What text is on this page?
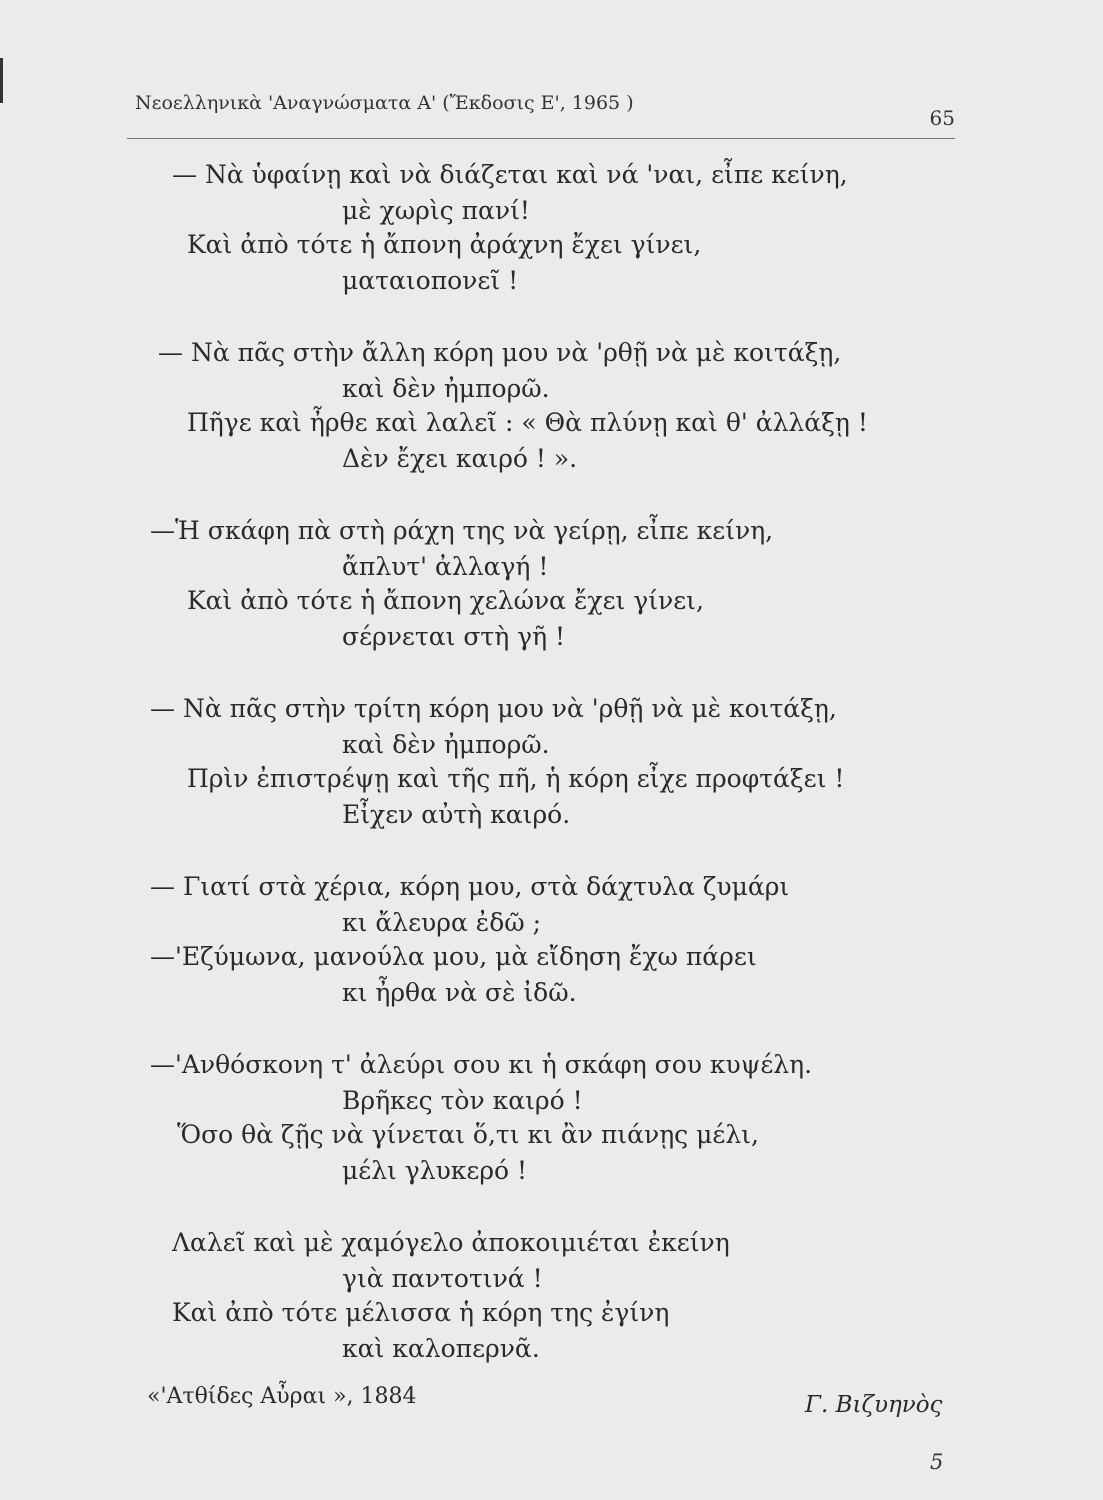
Νεοελληνικὰ 'Αναγνώσματα Α' (Ἔκδοσις Ε', 1965 )
65
— Νὰ ὑφαίνῃ καὶ νὰ διάζεται καὶ νά 'ναι, εἶπε κείνη,
μὲ χωρὶς πανί!
Καὶ ἀπὸ τότε ἡ ἄπονη ἀράχνη ἔχει γίνει,
ματαιοπονεῖ !
— Νὰ πᾶς στὴν ἄλλη κόρη μου νὰ 'ρθῇ νὰ μὲ κοιτάξῃ,
καὶ δὲν ἠμπορῶ.
Πῆγε καὶ ἦρθε καὶ λαλεῖ : « Θὰ πλύνῃ καὶ θ' ἀλλάξῃ !
Δὲν ἔχει καιρό ! ».
—Ἡ σκάφη πὰ στὴ ράχη της νὰ γείρῃ, εἶπε κείνη,
ἄπλυτ' ἀλλαγή !
Καὶ ἀπὸ τότε ἡ ἄπονη χελώνα ἔχει γίνει,
σέρνεται στὴ γῆ !
— Νὰ πᾶς στὴν τρίτη κόρη μου νὰ 'ρθῇ νὰ μὲ κοιτάξῃ,
καὶ δὲν ἠμπορῶ.
Πρὶν ἐπιστρέψῃ καὶ τῆς πῆ, ἡ κόρη εἶχε προφτάξει !
Εἶχεν αὐτὴ καιρό.
— Γιατί στὰ χέρια, κόρη μου, στὰ δάχτυλα ζυμάρι
κι ἄλευρα ἐδῶ ;
—'Εζύμωνα, μανούλα μου, μὰ εἴδηση ἔχω πάρει
κι ἦρθα νὰ σὲ ἰδῶ.
—'Ανθόσκονη τ' ἀλεύρι σου κι ἡ σκάφη σου κυψέλη.
Βρῆκες τὸν καιρό !
Ὅσο θὰ ζῇς νὰ γίνεται ὅ,τι κι ἂν πιάνῃς μέλι,
μέλι γλυκερό !
Λαλεῖ καὶ μὲ χαμόγελο ἀποκοιμιέται ἐκείνη
γιὰ παντοτινά !
Καὶ ἀπὸ τότε μέλισσα ἡ κόρη της ἐγίνη
καὶ καλοπερνᾶ.
«'Ατθίδες Αὖραι », 1884	Γ. Βιζυηνὸς
5
